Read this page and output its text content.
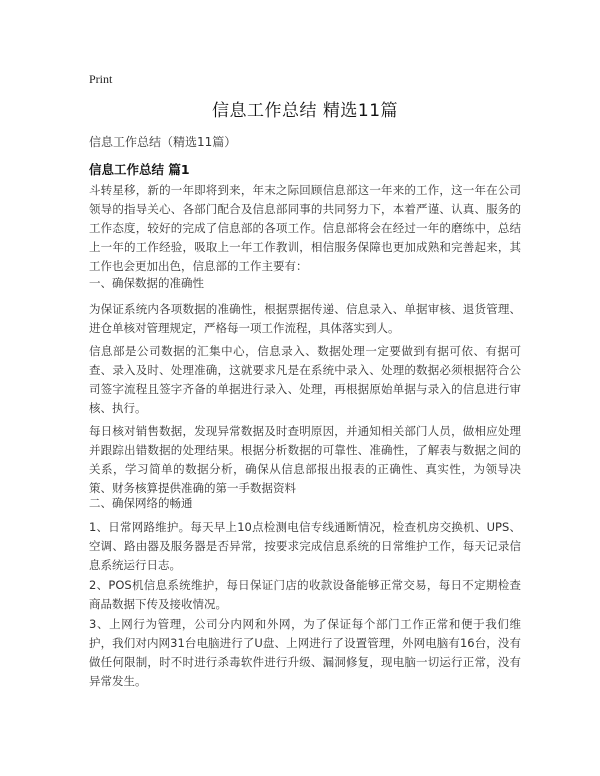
Print
信息工作总结 精选11篇
信息工作总结（精选11篇）
信息工作总结 篇1

斗转星移，新的一年即将到来，年末之际回顾信息部这一年来的工作，这一年在公司领导的指导关心、各部门配合及信息部同事的共同努力下，本着严谨、认真、服务的工作态度，较好的完成了信息部的各项工作。信息部将会在经过一年的磨练中，总结上一年的工作经验，吸取上一年工作教训，相信服务保障也更加成熟和完善起来，其工作也会更加出色，信息部的工作主要有：

一、确保数据的准确性

为保证系统内各项数据的准确性，根据票据传递、信息录入、单据审核、退货管理、进仓单核对管理规定，严格每一项工作流程，具体落实到人。

信息部是公司数据的汇集中心，信息录入、数据处理一定要做到有据可依、有据可查、录入及时、处理准确，这就要求凡是在系统中录入、处理的数据必须根据符合公司签字流程且签字齐备的单据进行录入、处理，再根据原始单据与录入的信息进行审核、执行。

每日核对销售数据，发现异常数据及时查明原因，并通知相关部门人员，做相应处理并跟踪出错数据的处理结果。根据分析数据的可靠性、准确性，了解表与数据之间的关系，学习简单的数据分析，确保从信息部报出报表的正确性、真实性，为领导决策、财务核算提供准确的第一手数据资料

二、确保网络的畅通

1、日常网路维护。每天早上10点检测电信专线通断情况，检查机房交换机、UPS、空调、路由器及服务器是否异常，按要求完成信息系统的日常维护工作，每天记录信息系统运行日志。

2、POS机信息系统维护，每日保证门店的收款设备能够正常交易，每日不定期检查商品数据下传及接收情况。

3、上网行为管理，公司分内网和外网，为了保证每个部门工作正常和便于我们维护，我们对内网31台电脑进行了U盘、上网进行了设置管理，外网电脑有16台，没有做任何限制，时不时进行杀毒软件进行升级、漏洞修复，现电脑一切运行正常，没有异常发生。
